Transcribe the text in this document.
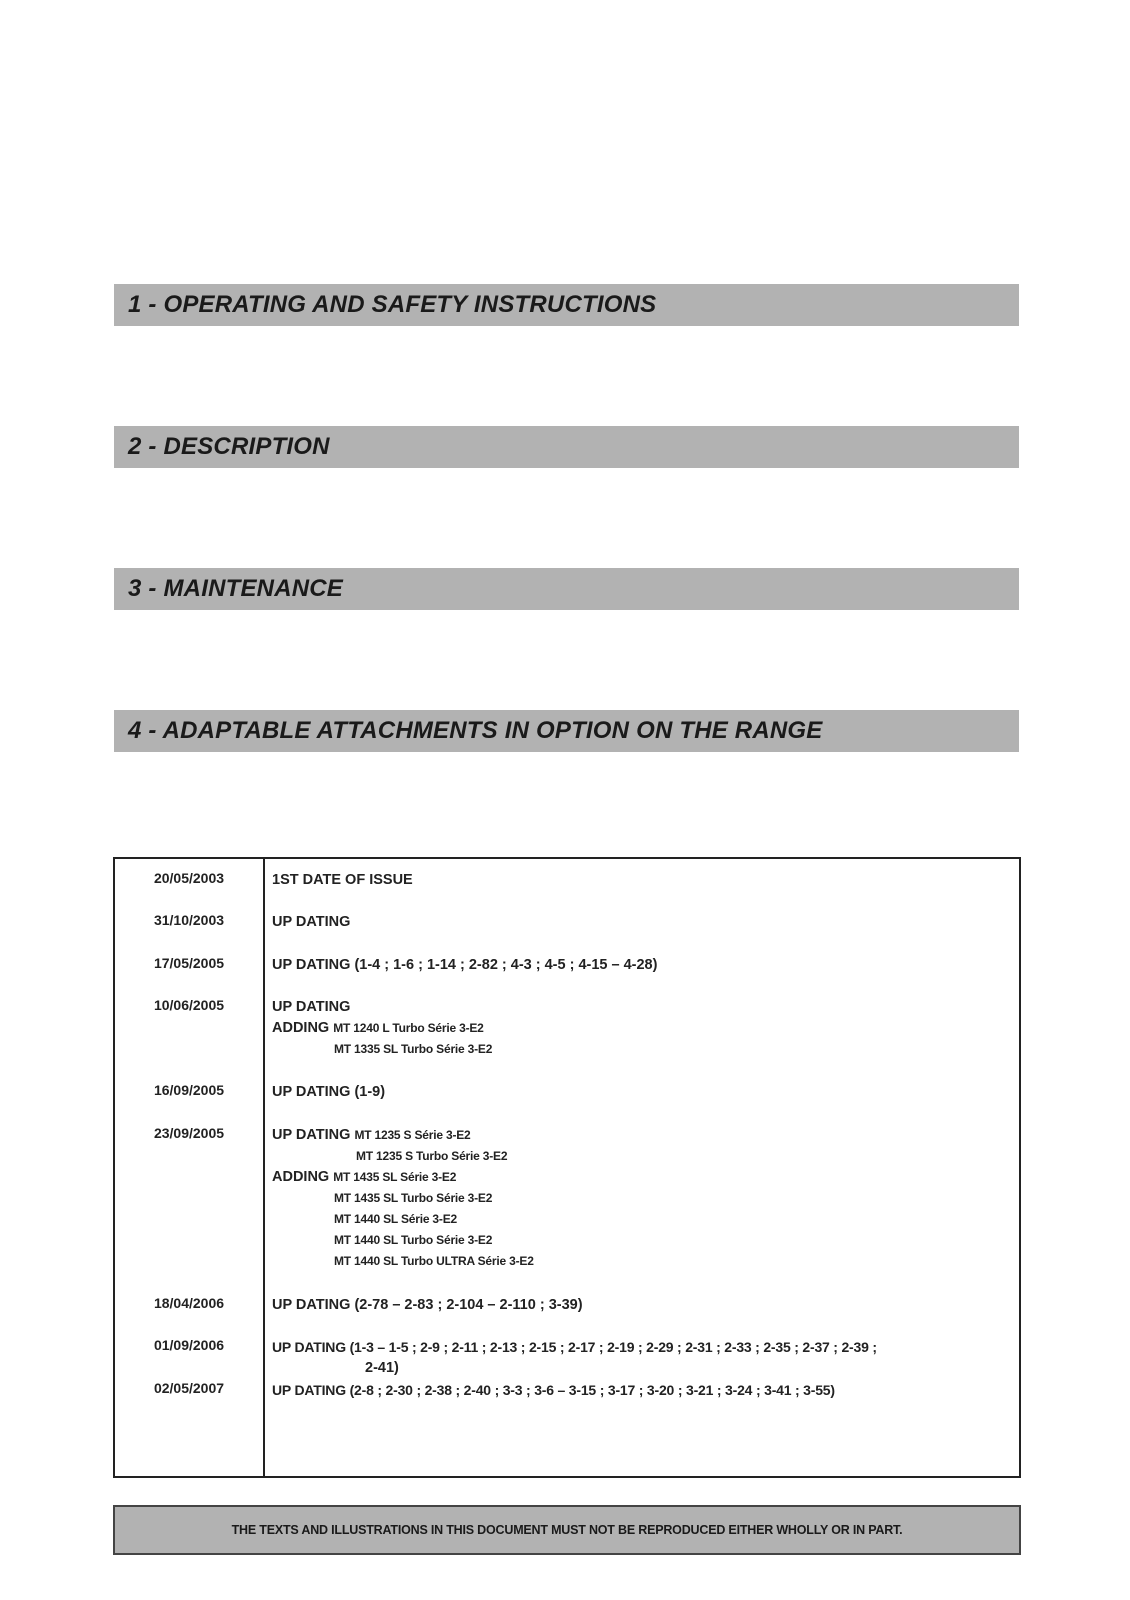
1 - OPERATING AND SAFETY INSTRUCTIONS
2 - DESCRIPTION
3 - MAINTENANCE
4 - ADAPTABLE ATTACHMENTS IN OPTION ON THE RANGE
20/05/2003	1ST DATE OF ISSUE
31/10/2003	UP DATING
17/05/2005	UP DATING (1-4 ; 1-6 ; 1-14 ; 2-82 ; 4-3 ; 4-5 ; 4-15 – 4-28)
10/06/2005	UP DATING
ADDING MT 1240 L Turbo Série 3-E2
MT 1335 SL Turbo Série 3-E2
16/09/2005	UP DATING (1-9)
23/09/2005	UP DATING MT 1235 S Série 3-E2
MT 1235 S Turbo Série 3-E2
ADDING MT 1435 SL Série 3-E2
MT 1435 SL Turbo Série 3-E2
MT 1440 SL Série 3-E2
MT 1440 SL Turbo Série 3-E2
MT 1440 SL Turbo ULTRA Série 3-E2
18/04/2006	UP DATING (2-78 – 2-83 ; 2-104 – 2-110 ; 3-39)
01/09/2006	UP DATING (1-3 – 1-5 ; 2-9 ; 2-11 ; 2-13 ; 2-15 ; 2-17 ; 2-19 ; 2-29 ; 2-31 ; 2-33 ; 2-35 ; 2-37 ; 2-39 ;
2-41)
02/05/2007	UP DATING (2-8 ; 2-30 ; 2-38 ; 2-40 ; 3-3 ; 3-6 – 3-15 ; 3-17 ; 3-20 ; 3-21 ; 3-24 ; 3-41 ; 3-55)
THE TEXTS AND ILLUSTRATIONS IN THIS DOCUMENT MUST NOT BE REPRODUCED EITHER WHOLLY OR IN PART.
